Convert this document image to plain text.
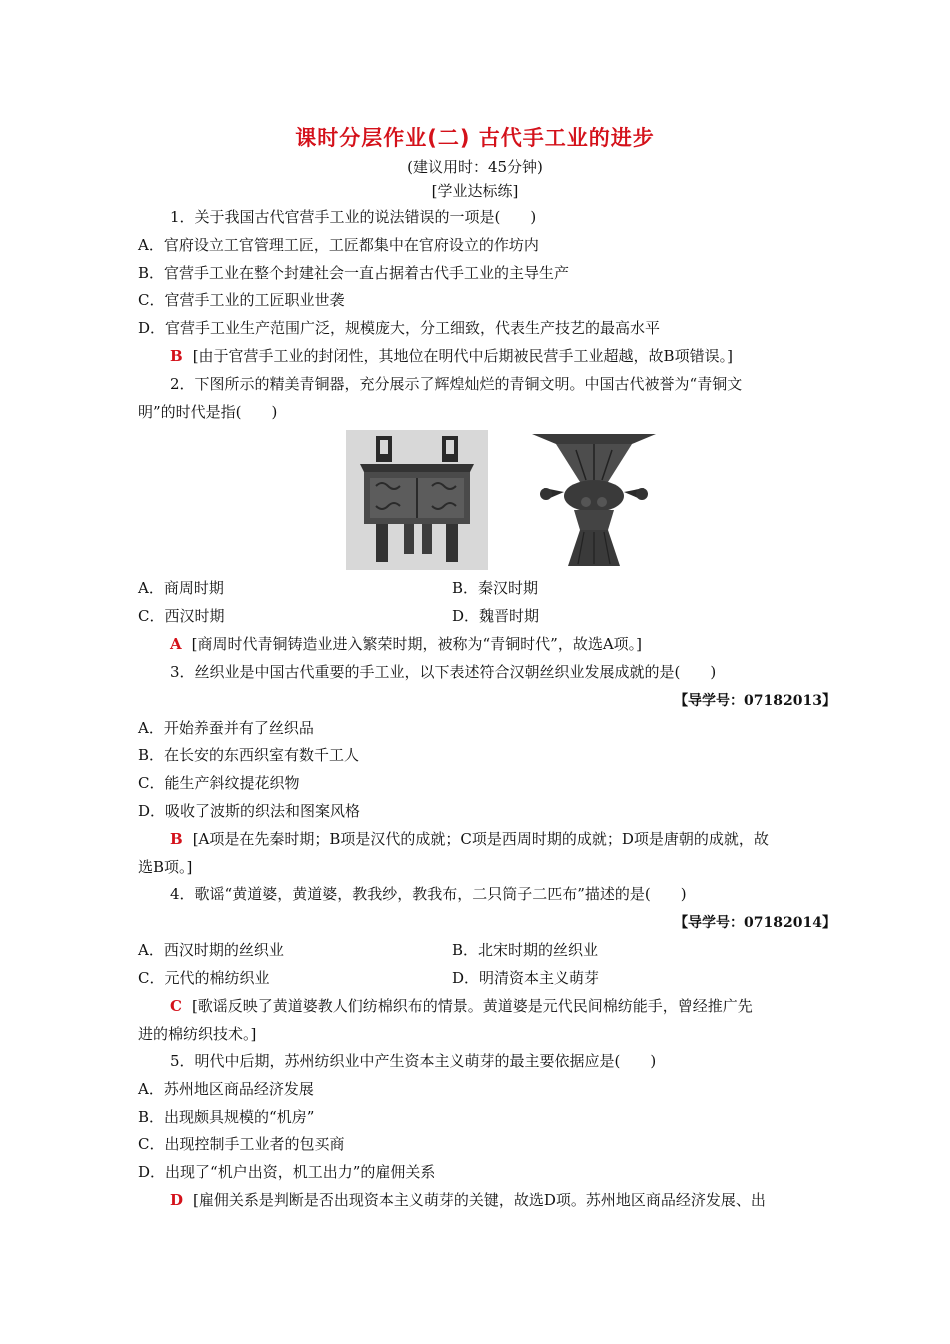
课时分层作业(二) 古代手工业的进步
(建议用时：45分钟)
[学业达标练]
1．关于我国古代官营手工业的说法错误的一项是(　　)
A．官府设立工官管理工匠，工匠都集中在官府设立的作坊内
B．官营手工业在整个封建社会一直占据着古代手工业的主导生产
C．官营手工业的工匠职业世袭
D．官营手工业生产范围广泛，规模庞大，分工细致，代表生产技艺的最高水平
B [由于官营手工业的封闭性，其地位在明代中后期被民营手工业超越，故B项错误。]
2．下图所示的精美青铜器，充分展示了辉煌灿烂的青铜文明。中国古代被誉为“青铜文
明”的时代是指(　　)
A．商周时期	B．秦汉时期
C．西汉时期	D．魏晋时期
A [商周时代青铜铸造业进入繁荣时期，被称为“青铜时代”，故选A项。]
3．丝织业是中国古代重要的手工业，以下表述符合汉朝丝织业发展成就的是(　　)
【导学号：07182013】
A．开始养蚕并有了丝织品
B．在长安的东西织室有数千工人
C．能生产斜纹提花织物
D．吸收了波斯的织法和图案风格
B [A项是在先秦时期；B项是汉代的成就；C项是西周时期的成就；D项是唐朝的成就，故
选B项。]
4．歌谣“黄道婆，黄道婆，教我纱，教我布，二只筒子二匹布”描述的是(　　)
【导学号：07182014】
A．西汉时期的丝织业	B．北宋时期的丝织业
C．元代的棉纺织业	D．明清资本主义萌芽
C [歌谣反映了黄道婆教人们纺棉织布的情景。黄道婆是元代民间棉纺能手，曾经推广先
进的棉纺织技术。]
5．明代中后期，苏州纺织业中产生资本主义萌芽的最主要依据应是(　　)
A．苏州地区商品经济发展
B．出现颇具规模的“机房”
C．出现控制手工业者的包买商
D．出现了“机户出资，机工出力”的雇佣关系
D [雇佣关系是判断是否出现资本主义萌芽的关键，故选D项。苏州地区商品经济发展、出
